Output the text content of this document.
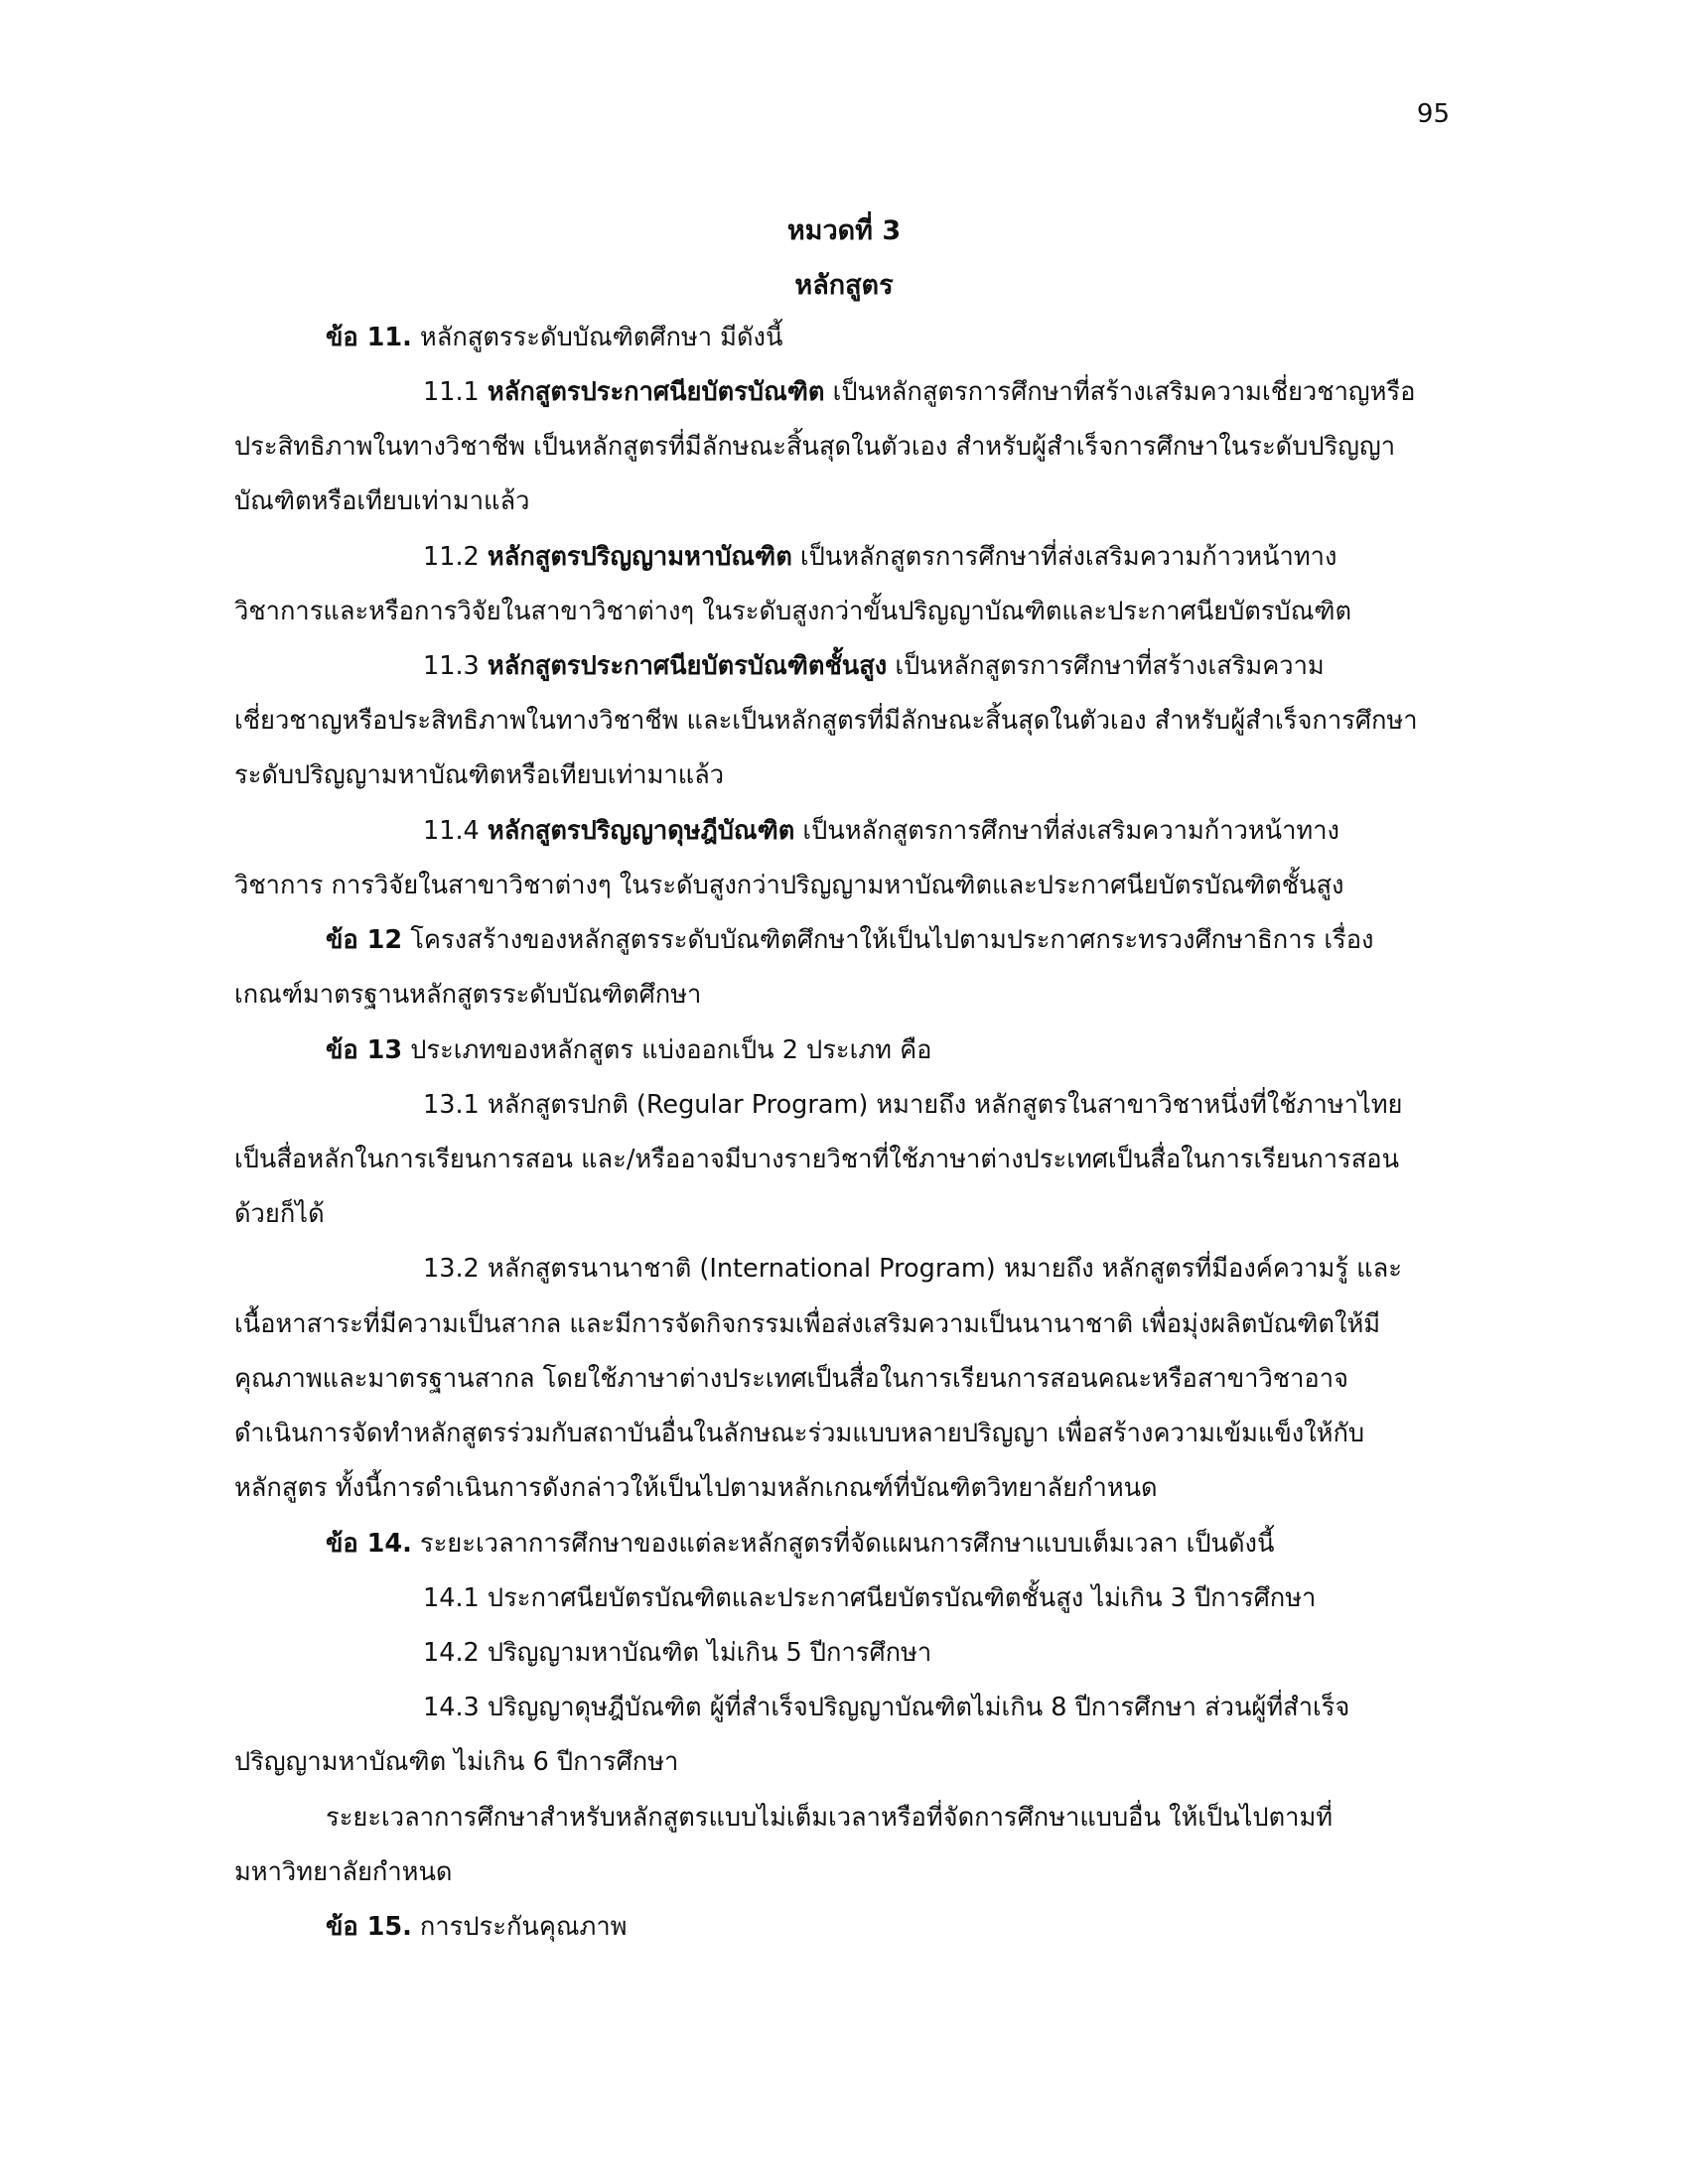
95
หมวดที่ 3
หลักสูตร
ข้อ 11. หลักสูตรระดับบัณฑิตศึกษา มีดังนี้
11.1 หลักสูตรประกาศนียบัตรบัณฑิต เป็นหลักสูตรการศึกษาที่สร้างเสริมความเชี่ยวชาญหรือ
ประสิทธิภาพในทางวิชาชีพ เป็นหลักสูตรที่มีลักษณะสิ้นสุดในตัวเอง สำหรับผู้สำเร็จการศึกษาในระดับปริญญา
บัณฑิตหรือเทียบเท่ามาแล้ว
11.2 หลักสูตรปริญญามหาบัณฑิต เป็นหลักสูตรการศึกษาที่ส่งเสริมความก้าวหน้าทาง
วิชาการและหรือการวิจัยในสาขาวิชาต่างๆ ในระดับสูงกว่าขั้นปริญญาบัณฑิตและประกาศนียบัตรบัณฑิต
11.3 หลักสูตรประกาศนียบัตรบัณฑิตชั้นสูง เป็นหลักสูตรการศึกษาที่สร้างเสริมความ
เชี่ยวชาญหรือประสิทธิภาพในทางวิชาชีพ และเป็นหลักสูตรที่มีลักษณะสิ้นสุดในตัวเอง สำหรับผู้สำเร็จการศึกษา
ระดับปริญญามหาบัณฑิตหรือเทียบเท่ามาแล้ว
11.4 หลักสูตรปริญญาดุษฎีบัณฑิต เป็นหลักสูตรการศึกษาที่ส่งเสริมความก้าวหน้าทาง
วิชาการ การวิจัยในสาขาวิชาต่างๆ ในระดับสูงกว่าปริญญามหาบัณฑิตและประกาศนียบัตรบัณฑิตชั้นสูง
ข้อ 12 โครงสร้างของหลักสูตรระดับบัณฑิตศึกษาให้เป็นไปตามประกาศกระทรวงศึกษาธิการ เรื่อง
เกณฑ์มาตรฐานหลักสูตรระดับบัณฑิตศึกษา
ข้อ 13 ประเภทของหลักสูตร แบ่งออกเป็น 2 ประเภท คือ
13.1 หลักสูตรปกติ (Regular Program) หมายถึง หลักสูตรในสาขาวิชาหนึ่งที่ใช้ภาษาไทย
เป็นสื่อหลักในการเรียนการสอน และ/หรืออาจมีบางรายวิชาที่ใช้ภาษาต่างประเทศเป็นสื่อในการเรียนการสอน
ด้วยก็ได้
13.2 หลักสูตรนานาชาติ (International Program) หมายถึง หลักสูตรที่มีองค์ความรู้ และ
เนื้อหาสาระที่มีความเป็นสากล และมีการจัดกิจกรรมเพื่อส่งเสริมความเป็นนานาชาติ เพื่อมุ่งผลิตบัณฑิตให้มี
คุณภาพและมาตรฐานสากล โดยใช้ภาษาต่างประเทศเป็นสื่อในการเรียนการสอนคณะหรือสาขาวิชาอาจ
ดำเนินการจัดทำหลักสูตรร่วมกับสถาบันอื่นในลักษณะร่วมแบบหลายปริญญา เพื่อสร้างความเข้มแข็งให้กับ
หลักสูตร ทั้งนี้การดำเนินการดังกล่าวให้เป็นไปตามหลักเกณฑ์ที่บัณฑิตวิทยาลัยกำหนด
ข้อ 14. ระยะเวลาการศึกษาของแต่ละหลักสูตรที่จัดแผนการศึกษาแบบเต็มเวลา เป็นดังนี้
14.1 ประกาศนียบัตรบัณฑิตและประกาศนียบัตรบัณฑิตชั้นสูง ไม่เกิน 3 ปีการศึกษา
14.2 ปริญญามหาบัณฑิต ไม่เกิน 5 ปีการศึกษา
14.3 ปริญญาดุษฎีบัณฑิต ผู้ที่สำเร็จปริญญาบัณฑิตไม่เกิน 8 ปีการศึกษา ส่วนผู้ที่สำเร็จ
ปริญญามหาบัณฑิต ไม่เกิน 6 ปีการศึกษา
ระยะเวลาการศึกษาสำหรับหลักสูตรแบบไม่เต็มเวลาหรือที่จัดการศึกษาแบบอื่น ให้เป็นไปตามที่
มหาวิทยาลัยกำหนด
ข้อ 15. การประกันคุณภาพ
